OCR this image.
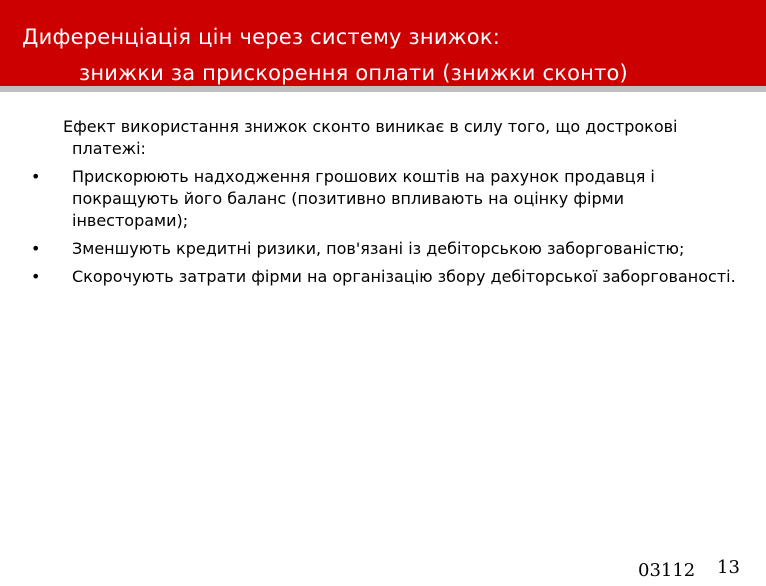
Диференціація цін через систему знижок:
знижки за прискорення оплати (знижки сконто)

Ефект використання знижок сконто виникає в силу того, що дострокові платежі:

• Прискорюють надходження грошових коштів на рахунок продавця і покращують його баланс (позитивно впливають на оцінку фірми інвесторами);
• Зменшують кредитні ризики, пов'язані із дебіторською заборгованістю;
• Скорочують затрати фірми на організацію збору дебіторської заборгованості.
03112 13
